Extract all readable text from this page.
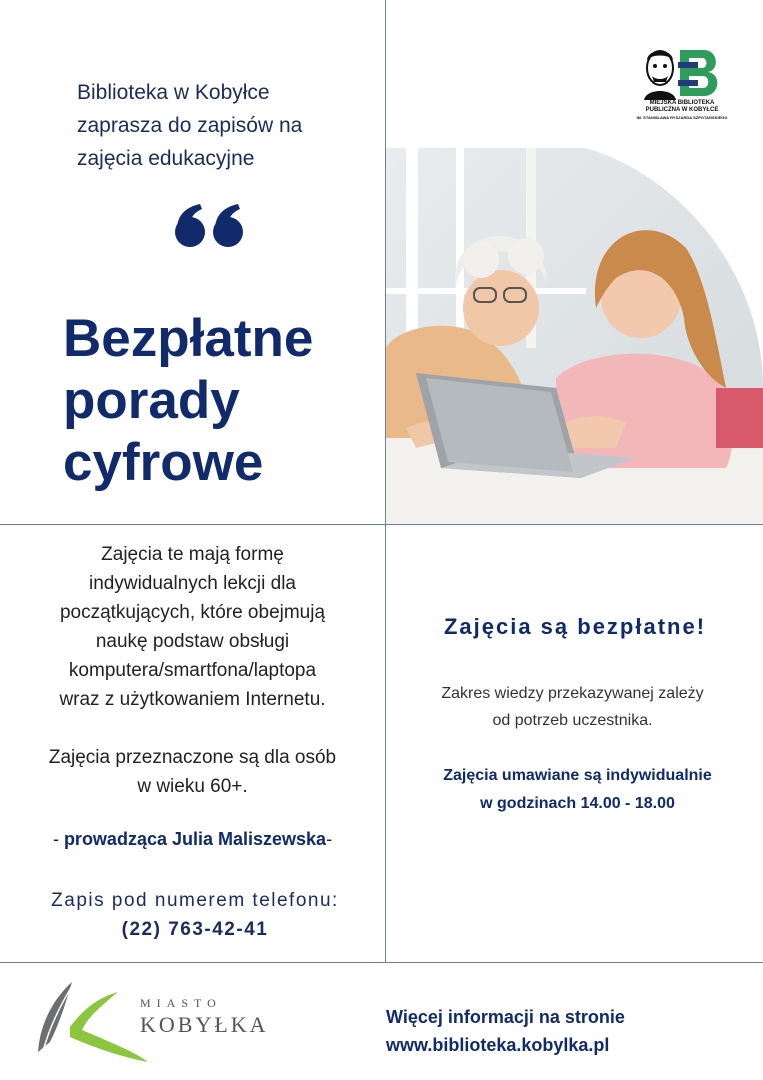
Biblioteka w Kobyłce
zaprasza do zapisów na
zajęcia edukacyjne
Bezpłatne
porady
cyfrowe
MIEJSKA BIBLIOTEKA
PUBLICZNA W KOBYŁCE
IM. STANISŁAWA RYSZARDA SZPOTAŃSKIEGO

Zajęcia te mają formę

indywidualnych lekcji dla

początkujących, które obejmują

naukę podstaw obsługi

komputera/smartfona/laptopa

wraz z użytkowaniem Internetu.

Zajęcia przeznaczone są dla osób

w wieku 60+.

- prowadząca Julia Maliszewska-
Zapis pod numerem telefonu:
(22) 763-42-41
Zajęcia są bezpłatne!
Zakres wiedzy przekazywanej zależy
od potrzeb uczestnika.
Zajęcia umawiane są indywidualnie
w godzinach 14.00 - 18.00
MIASTO
KOBYŁKA	Więcej informacji na stronie
www.biblioteka.kobylka.pl
